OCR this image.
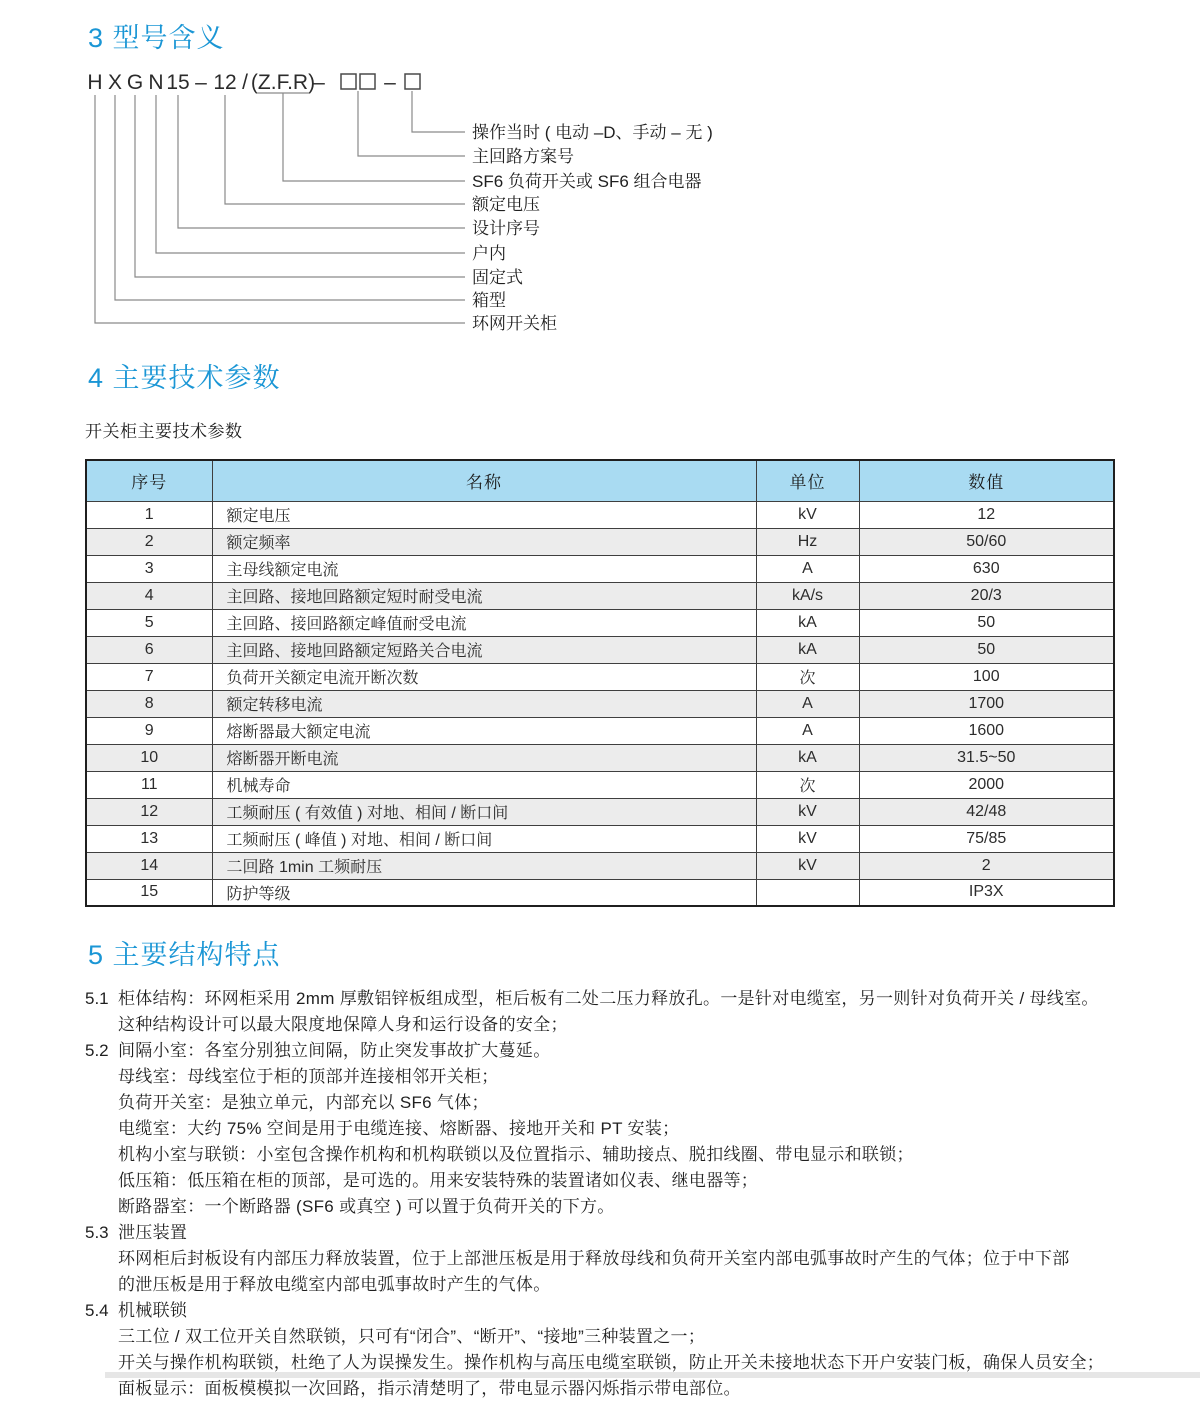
3 型号含义
H X G N 15 – 12 / (Z.F.R)
–	–
操作当时 ( 电动 –D、手动 – 无 )
主回路方案号
SF6 负荷开关或 SF6 组合电器
额定电压
设计序号
户内
固定式
箱型
环网开关柜
4 主要技术参数

开关柜主要技术参数

序号	名称	单位	数值
1	额定电压	kV	12
2	额定频率	Hz	50/60
3	主母线额定电流	A	630
4	主回路、接地回路额定短时耐受电流	kA/s	20/3
5	主回路、接回路额定峰值耐受电流	kA	50
6	主回路、接地回路额定短路关合电流	kA	50
7	负荷开关额定电流开断次数	次	100
8	额定转移电流	A	1700
9	熔断器最大额定电流	A	1600
10	熔断器开断电流	kA	31.5~50
11	机械寿命	次	2000
12	工频耐压 ( 有效值 ) 对地、相间 / 断口间	kV	42/48
13	工频耐压 ( 峰值 ) 对地、相间 / 断口间	kV	75/85
14	二回路 1min 工频耐压	kV	2
15	防护等级		IP3X
5 主要结构特点
5.1 柜体结构：环网柜采用 2mm 厚敷铝锌板组成型，柜后板有二处二压力释放孔。一是针对电缆室，另一则针对负荷开关 / 母线室。
这种结构设计可以最大限度地保障人身和运行设备的安全；
5.2 间隔小室：各室分别独立间隔，防止突发事故扩大蔓延。
母线室：母线室位于柜的顶部并连接相邻开关柜；
负荷开关室：是独立单元，内部充以 SF6 气体；
电缆室：大约 75% 空间是用于电缆连接、熔断器、接地开关和 PT 安装；
机构小室与联锁：小室包含操作机构和机构联锁以及位置指示、辅助接点、脱扣线圈、带电显示和联锁；
低压箱：低压箱在柜的顶部，是可选的。用来安装特殊的装置诸如仪表、继电器等；
断路器室：一个断路器 (SF6 或真空 ) 可以置于负荷开关的下方。
5.3 泄压装置
环网柜后封板设有内部压力释放装置，位于上部泄压板是用于释放母线和负荷开关室内部电弧事故时产生的气体；位于中下部
的泄压板是用于释放电缆室内部电弧事故时产生的气体。
5.4 机械联锁
三工位 / 双工位开关自然联锁，只可有“闭合”、“断开”、“接地”三种装置之一；
开关与操作机构联锁，杜绝了人为误操发生。操作机构与高压电缆室联锁，防止开关未接地状态下开户安装门板，确保人员安全；
面板显示：面板模模拟一次回路，指示清楚明了，带电显示器闪烁指示带电部位。
